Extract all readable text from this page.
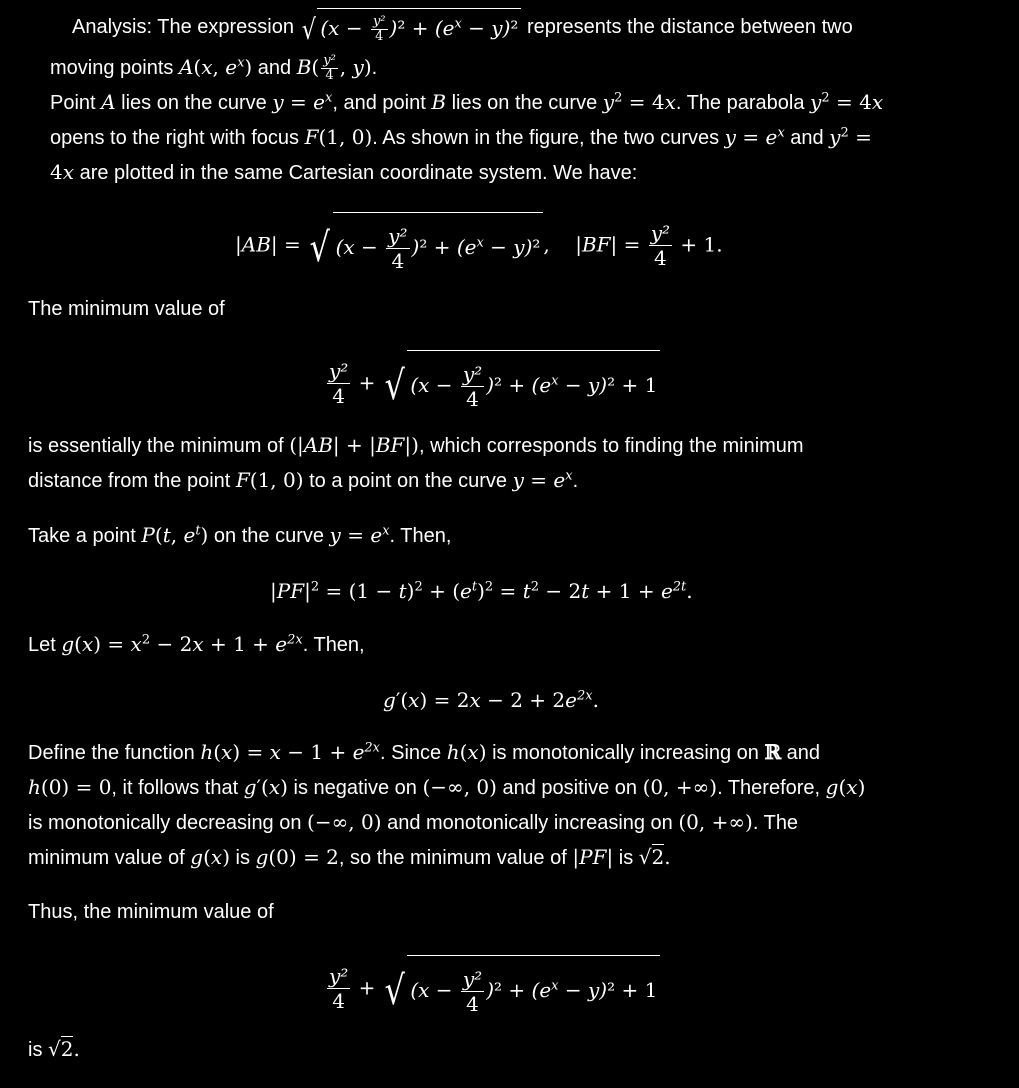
Analysis: The expression √ $(x - \frac{\text{y²}}{4} )^2 + (e^x - y)^2$ represents the distance between two
moving points A(x, $e^x$) and $B( \frac{\text{y²}}{4}$ , y).
Point A lies on the curve $y = e^x$, and point B lies on the curve $y^2 = 4x$. The parabola $y^2 = 4x$
opens to the right with focus F(1, 0). As shown in the figure, the two curves $y = e^x$ and $y^2$ =
4x are plotted in the same Cartesian coordinate system. We have:
|AB| = √ $(x - \frac{\text{y²}}{4} )^2 + (e^x - y)^2$ ,    $|BF| = \frac{\text{y²}}{4} + 1$.
The minimum value of
$\frac{\text{y²}}{4}$ + √ $(x - \frac{\text{y²}}{4} )^2 + (e^x - y)^2 + 1$
is essentially the minimum of (|AB| + |BF|), which corresponds to finding the minimum
distance from the point F(1, 0) to a point on the curve $y = e^x$.
Take a point P(t, $e^t$) on the curve $y = e^x$. Then,
$|PF|^2 = (1 - t)^2 + (e^t)^2 = t^2 - 2t + 1 + e^{2t}$.
Let $g(x) = x^2 - 2x + 1 + e^{2x}$. Then,
$g'(x) = 2x - 2 + 2e^{2x}$.
Define the function $h(x) = x - 1 + e^{2x}$. Since h(x) is monotonically increasing on ℝ and
h(0) = 0, it follows that g′(x) is negative on (−∞, 0) and positive on (0, +∞). Therefore, g(x)
is monotonically decreasing on (−∞, 0) and monotonically increasing on (0, +∞). The
minimum value of g(x) is g(0) = 2, so the minimum value of |PF| is √2.
Thus, the minimum value of
$\frac{\text{y²}}{4}$ + √ $(x - \frac{\text{y²}}{4} )^2 + (e^x - y)^2 + 1$
is √2.
